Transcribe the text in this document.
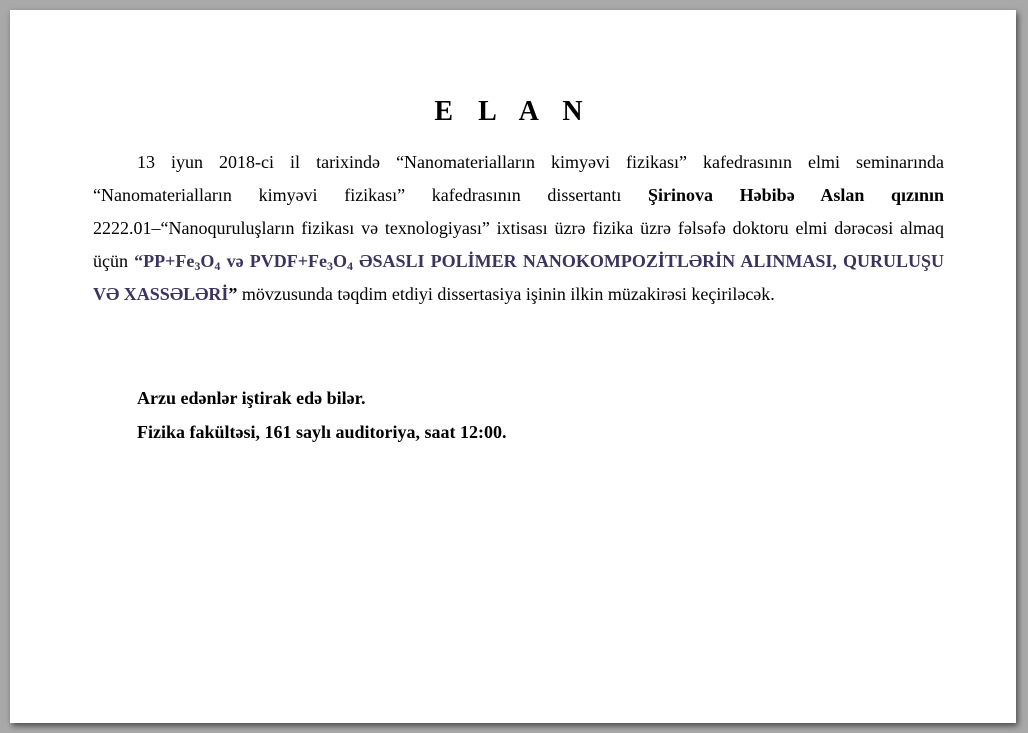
E L A N

13 iyun 2018-ci il tarixində “Nanomaterialların kimyəvi fizikası” kafedrasının elmi seminarında “Nanomaterialların kimyəvi fizikası” kafedrasının dissertantı Şirinova Həbibə Aslan qızının 2222.01–“Nanoquruluşların fizikası və texnologiyası” ixtisası üzrə fizika üzrə fəlsəfə doktoru elmi dərəcəsi almaq üçün “$PP+Fe_3O_4$ və $PVDF+Fe_3O_4$ ƏSASLI POLİMER NANOKOMPOZİTLƏRİN ALINMASI, QURULUŞU VƏ XASSƏLƏRİ” mövzusunda təqdim etdiyi dissertasiya işinin ilkin müzakirəsi keçiriləcək.

Arzu edənlər iştirak edə bilər.

Fizika fakültəsi, 161 saylı auditoriya, saat 12:00.
